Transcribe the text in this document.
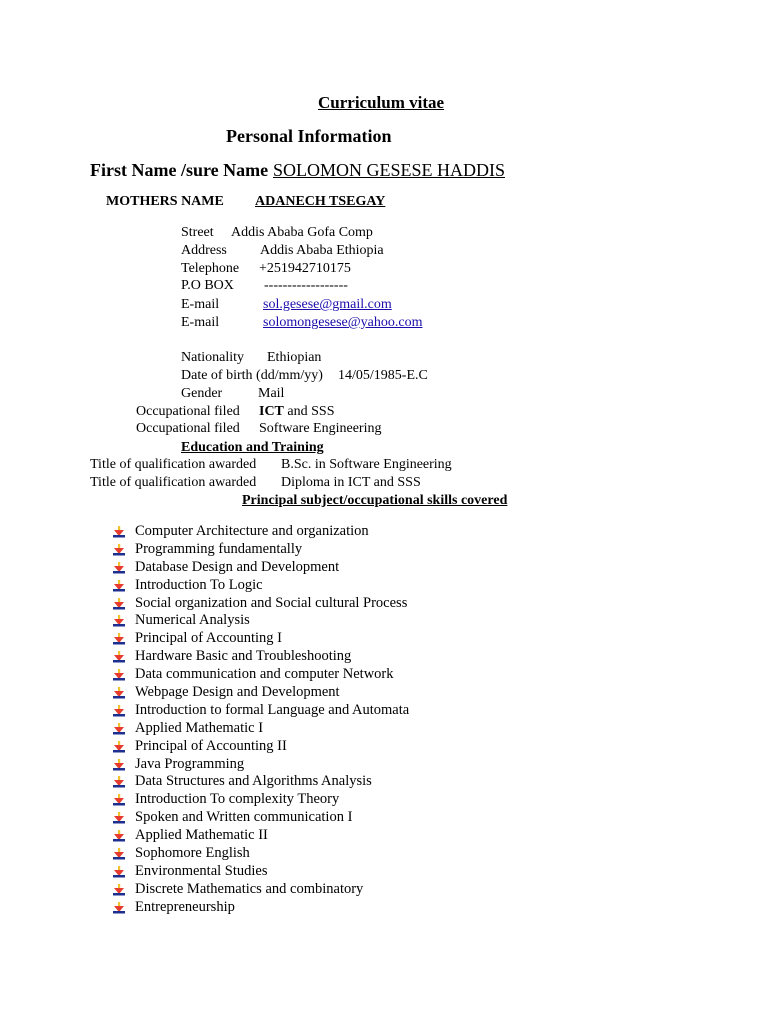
Curriculum vitae
Personal Information
First Name /sure Name SOLOMON GESESE HADDIS
MOTHERS NAME ADANECH TSEGAY
Street Addis Ababa Gofa Comp
Address Addis Ababa Ethiopia
Telephone +251942710175
P.O BOX ------------------
E-mail	sol.gesese@gmail.com
E-mail	solomongesese@yahoo.com
Nationality Ethiopian
Date of birth (dd/mm/yy) 14/05/1985-E.C
Gender	Mail
Occupational filed ICT and SSS
Occupational filed Software Engineering
Education and Training
Title of qualification awarded B.Sc. in Software Engineering
Title of qualification awarded Diploma in ICT and SSS
Principal subject/occupational skills covered
Computer Architecture and organization
Programming fundamentally
Database Design and Development
Introduction To Logic
Social organization and Social cultural Process
Numerical Analysis
Principal of Accounting I
Hardware Basic and Troubleshooting
Data communication and computer Network
Webpage Design and Development
Introduction to formal Language and Automata
Applied Mathematic I
Principal of Accounting II
Java Programming
Data Structures and Algorithms Analysis
Introduction To complexity Theory
Spoken and Written communication I
Applied Mathematic II
Sophomore English
Environmental Studies
Discrete Mathematics and combinatory
Entrepreneurship
